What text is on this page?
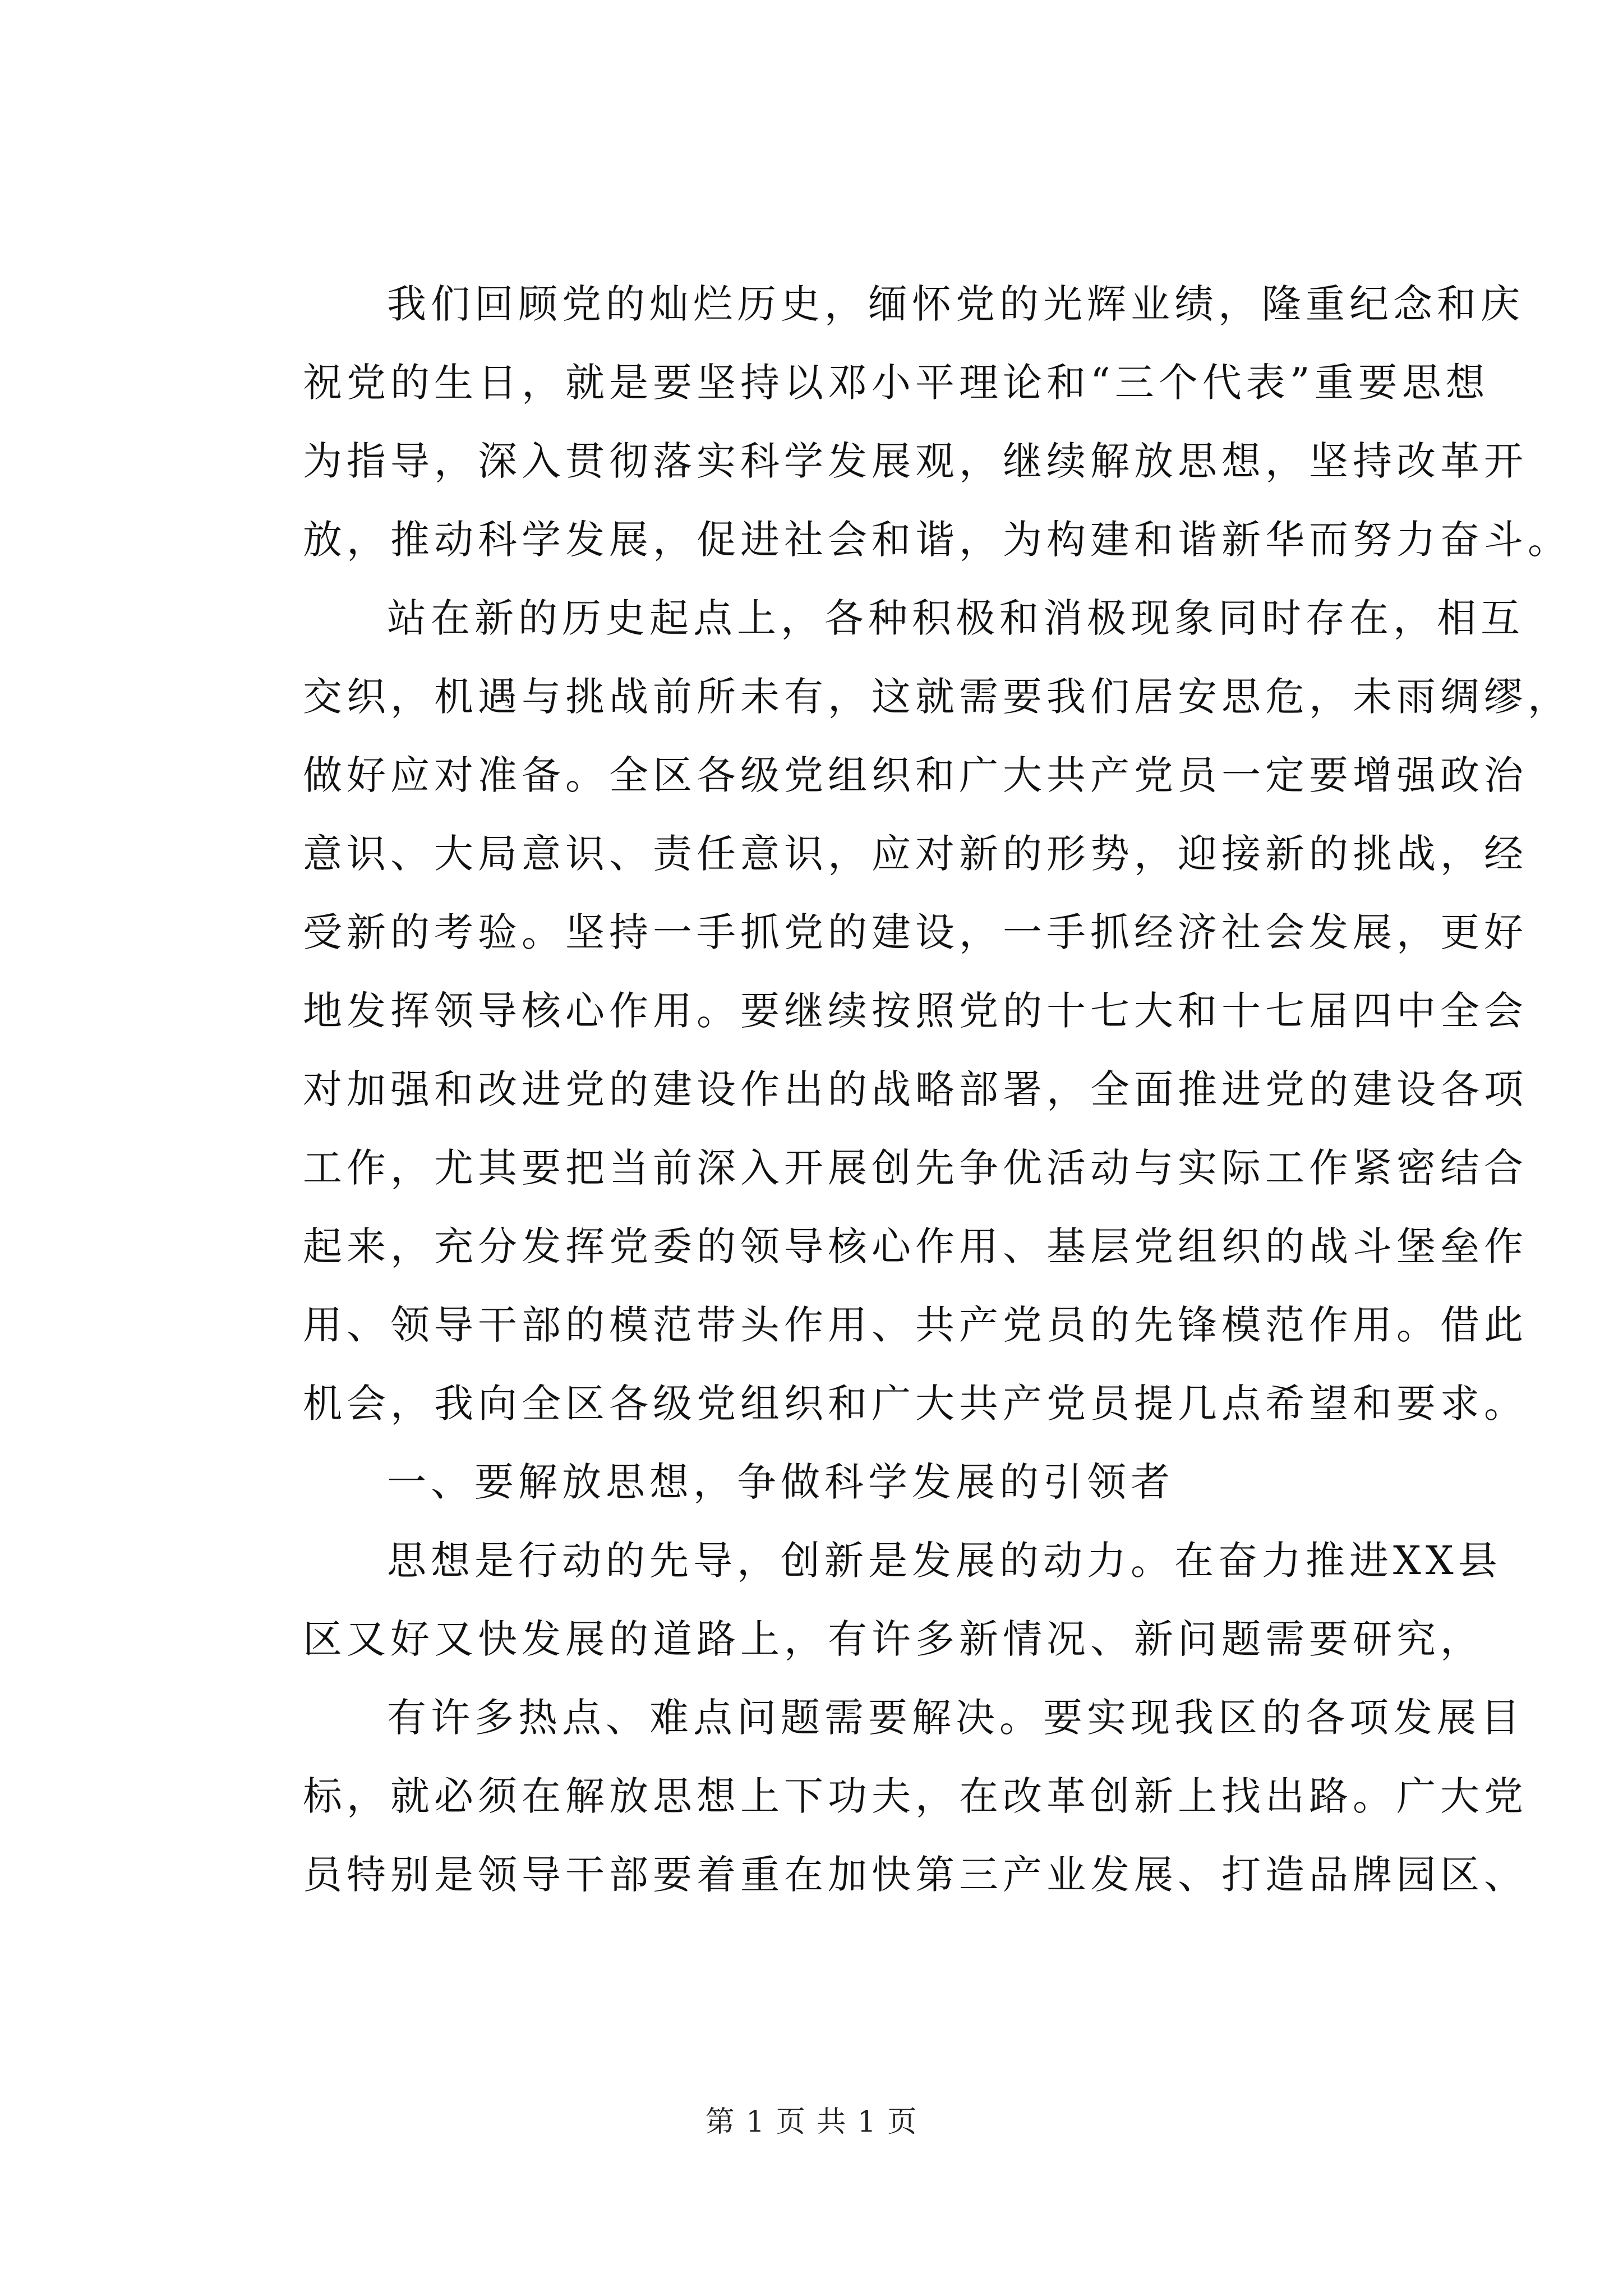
我们回顾党的灿烂历史，缅怀党的光辉业绩，隆重纪念和庆
祝党的生日，就是要坚持以邓小平理论和“三个代表”重要思想
为指导，深入贯彻落实科学发展观，继续解放思想，坚持改革开
放，推动科学发展，促进社会和谐，为构建和谐新华而努力奋斗。
站在新的历史起点上，各种积极和消极现象同时存在，相互
交织，机遇与挑战前所未有，这就需要我们居安思危，未雨绸缪，
做好应对准备。全区各级党组织和广大共产党员一定要增强政治
意识、大局意识、责任意识，应对新的形势，迎接新的挑战，经
受新的考验。坚持一手抓党的建设，一手抓经济社会发展，更好
地发挥领导核心作用。要继续按照党的十七大和十七届四中全会
对加强和改进党的建设作出的战略部署，全面推进党的建设各项
工作，尤其要把当前深入开展创先争优活动与实际工作紧密结合
起来，充分发挥党委的领导核心作用、基层党组织的战斗堡垒作
用、领导干部的模范带头作用、共产党员的先锋模范作用。借此
机会，我向全区各级党组织和广大共产党员提几点希望和要求。
一、要解放思想，争做科学发展的引领者
思想是行动的先导，创新是发展的动力。在奋力推进XX县
区又好又快发展的道路上，有许多新情况、新问题需要研究，
有许多热点、难点问题需要解决。要实现我区的各项发展目
标，就必须在解放思想上下功夫，在改革创新上找出路。广大党
员特别是领导干部要着重在加快第三产业发展、打造品牌园区、
第 1 页 共 1 页
